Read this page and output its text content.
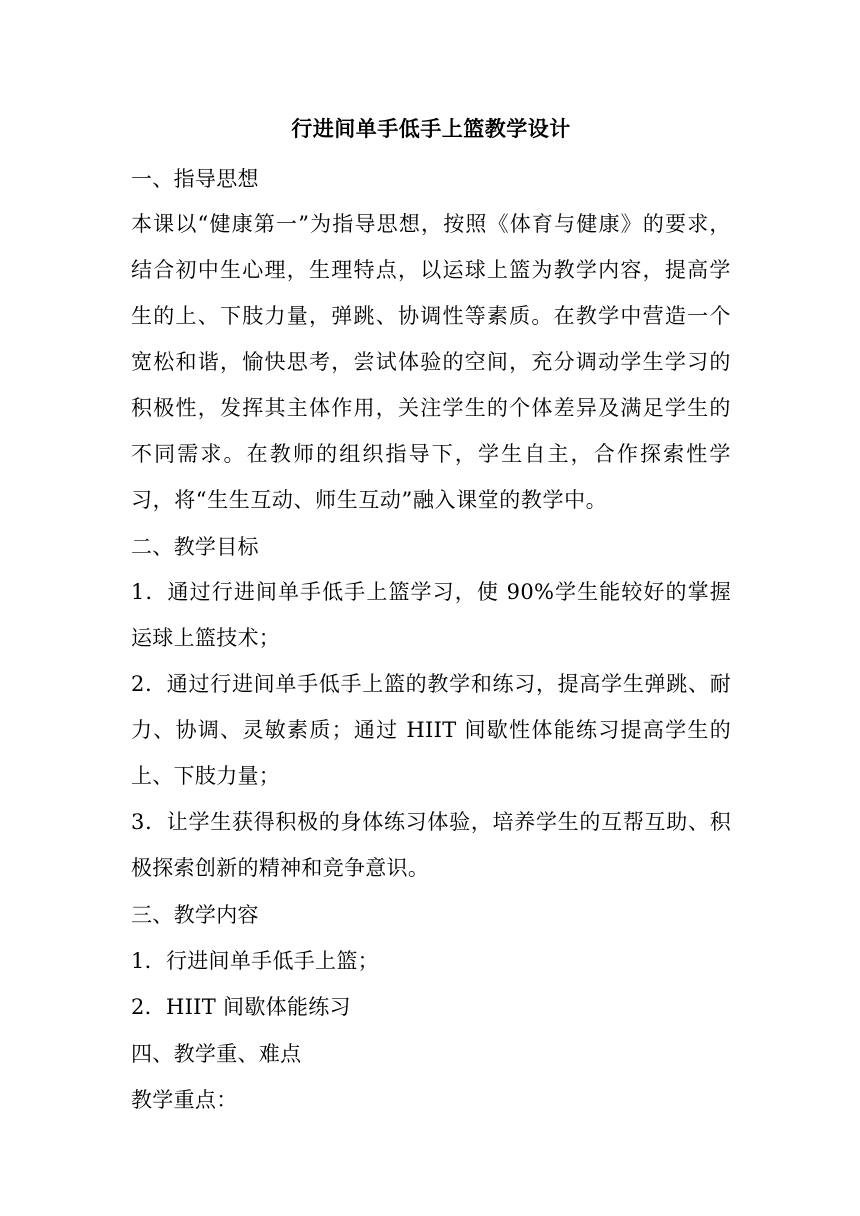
行进间单手低手上篮教学设计

一、指导思想

本课以“健康第一”为指导思想，按照《体育与健康》的要求，结合初中生心理，生理特点，以运球上篮为教学内容，提高学生的上、下肢力量，弹跳、协调性等素质。在教学中营造一个宽松和谐，愉快思考，尝试体验的空间，充分调动学生学习的积极性，发挥其主体作用，关注学生的个体差异及满足学生的不同需求。在教师的组织指导下，学生自主，合作探索性学习，将“生生互动、师生互动”融入课堂的教学中。

二、教学目标

1．通过行进间单手低手上篮学习，使 90%学生能较好的掌握运球上篮技术；

2．通过行进间单手低手上篮的教学和练习，提高学生弹跳、耐力、协调、灵敏素质；通过 HIIT 间歇性体能练习提高学生的上、下肢力量；

3．让学生获得积极的身体练习体验，培养学生的互帮互助、积极探索创新的精神和竞争意识。

三、教学内容

1．行进间单手低手上篮；

2．HIIT 间歇体能练习

四、教学重、难点

教学重点：
